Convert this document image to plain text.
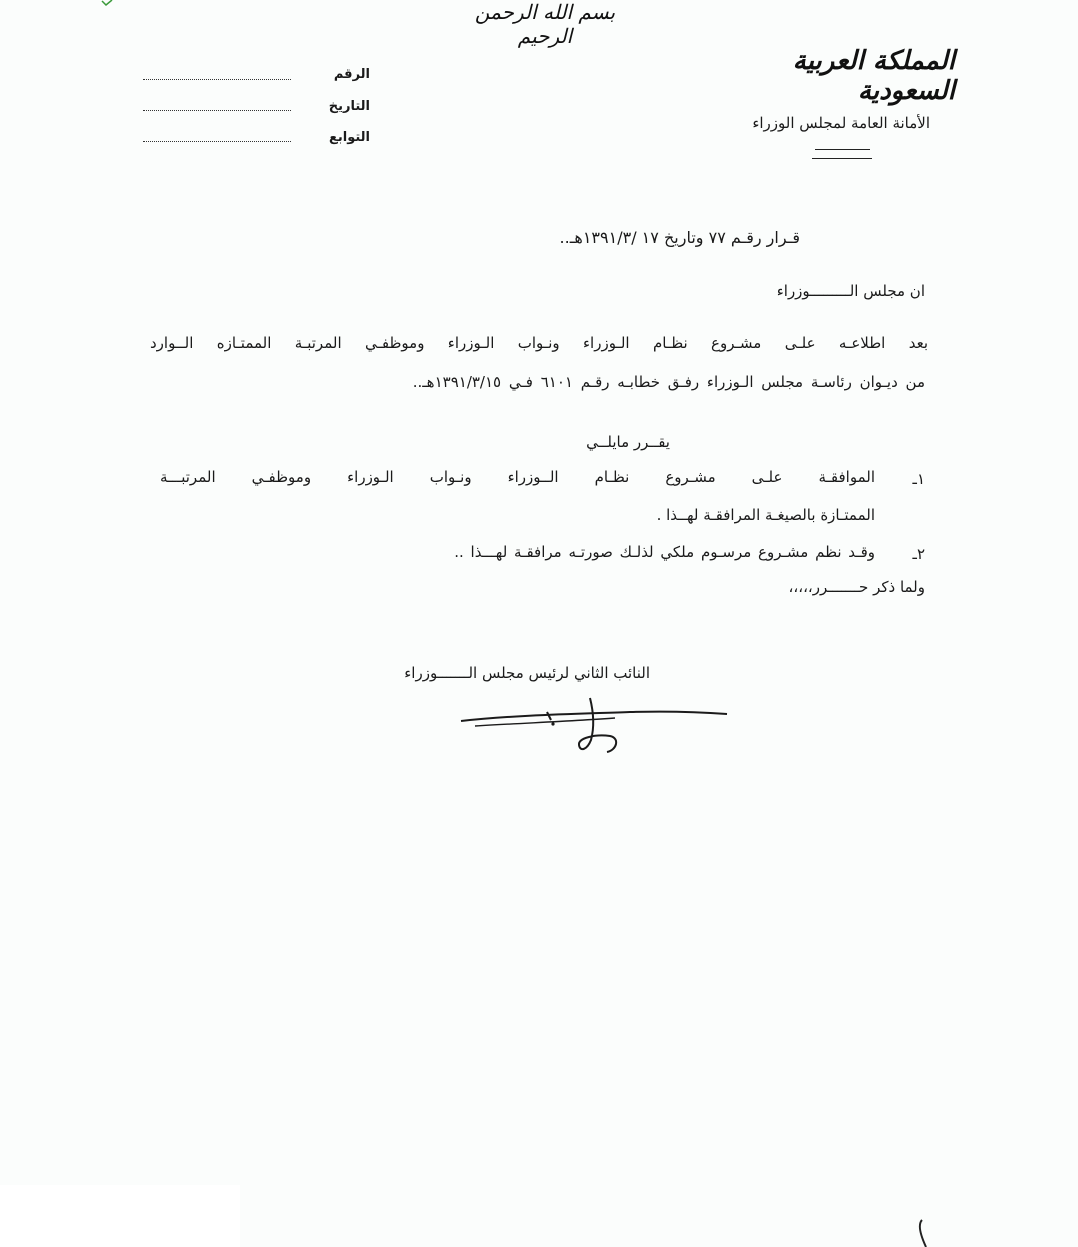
بسم الله الرحمن الرحيم
المملكة العربية السعودية
الأمانة العامة لمجلس الوزراء
الرقم
التاريخ
التوابع
قـرار رقـم ٧٧ وتاريخ ١٧ /١٣٩١/٣هـ..
ان مجلس الـــــــــوزراء
بعد اطلاعـه علـى مشـروع نظـام الـوزراء ونـواب الـوزراء وموظفـي المرتبـة الممتـازه الــوارد
من ديـوان رئاسـة مجلس الـوزراء رفـق خطابـه رقـم ٦١٠١ فـي ١٣٩١/٣/١٥هـ..
يقــرر مايلــي
١ـ
الموافقـة علـى مشـروع نظـام الــوزراء ونـواب الـوزراء وموظفـي المرتبـــة
الممتـازة بالصيغـة المرافقـة لهــذا .
٢ـ
وقـد نظم مشـروع مرسـوم ملكي لذلـك صورتـه مرافقـة لهـــذا ..
ولما ذكر حـــــــرر،،،،،
النائب الثاني لرئيس مجلس الـــــــوزراء
